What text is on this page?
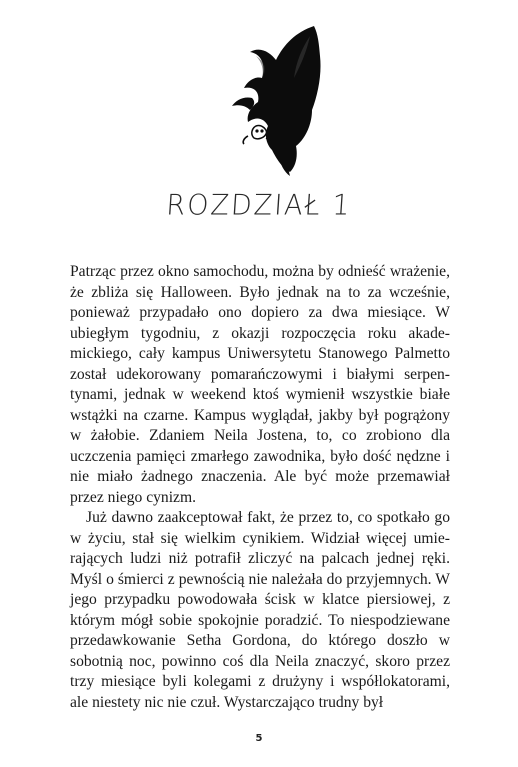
ROZDZIAŁ 1

Patrząc przez okno samochodu, można by odnieść wrażenie, że zbliża się Halloween. Było jednak na to za wcześnie, ponieważ przypadało ono dopiero za dwa miesiące. W ubiegłym tygodniu, z okazji rozpoczęcia roku akademickiego, cały kampus Uniwersytetu Stanowego Palmetto został udekorowany pomarańczowymi i białymi serpentynami, jednak w weekend ktoś wymienił wszystkie białe wstążki na czarne. Kampus wyglądał, jakby był pogrążony w żałobie. Zdaniem Neila Jostena, to, co zrobiono dla uczczenia pamięci zmarłego zawodnika, było dość nędzne i nie miało żadnego znaczenia. Ale być może przemawiał przez niego cynizm.

Już dawno zaakceptował fakt, że przez to, co spotkało go w życiu, stał się wielkim cynikiem. Widział więcej umierających ludzi niż potrafił zliczyć na palcach jednej ręki. Myśl o śmierci z pewnością nie należała do przyjemnych. W jego przypadku powodowała ścisk w klatce piersiowej, z którym mógł sobie spokojnie poradzić. To niespodziewane przedawkowanie Setha Gordona, do którego doszło w sobotnią noc, powinno coś dla Neila znaczyć, skoro przez trzy miesiące byli kolegami z drużyny i współlokatorami, ale niestety nic nie czuł. Wystarczająco trudny był

5
